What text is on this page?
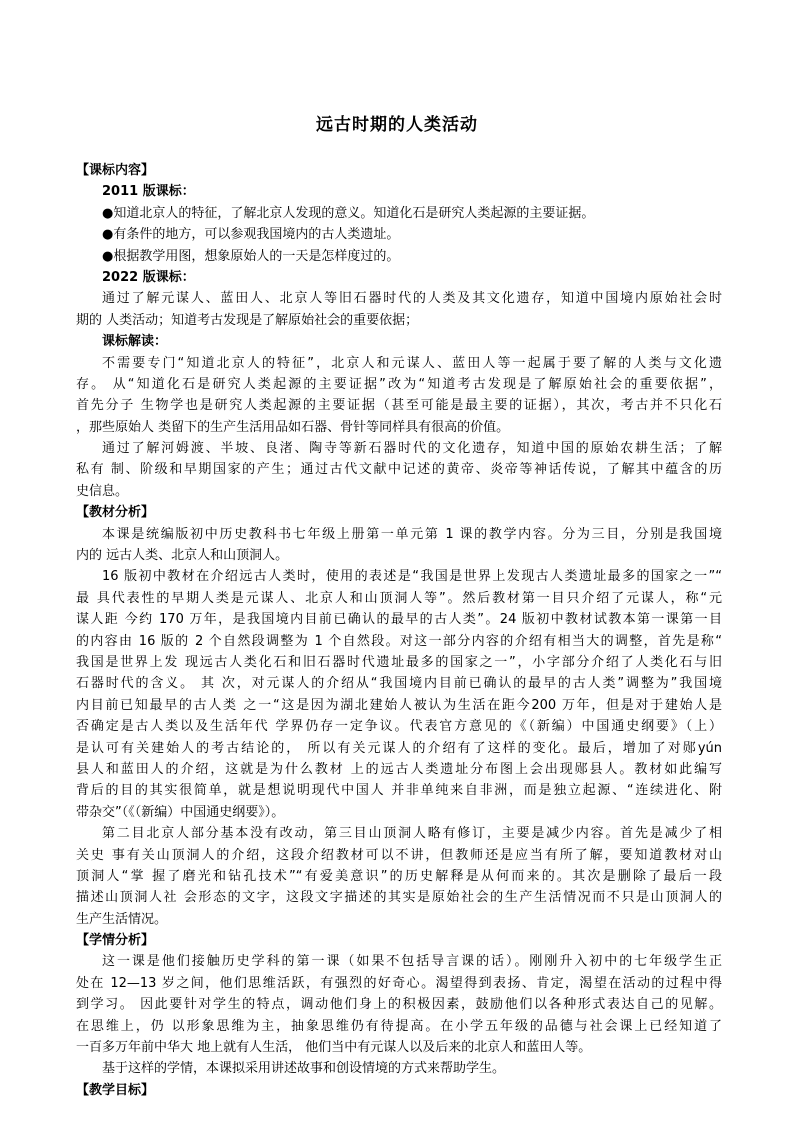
远古时期的人类活动
【课标内容】
2011 版课标：
●知道北京人的特征，了解北京人发现的意义。知道化石是研究人类起源的主要证据。
●有条件的地方，可以参观我国境内的古人类遗址。
●根据教学用图，想象原始人的一天是怎样度过的。
2022 版课标：
通过了解元谋人、蓝田人、北京人等旧石器时代的人类及其文化遗存，知道中国境内原始社会时
期的 人类活动；知道考古发现是了解原始社会的重要依据；
课标解读：
不需要专门“知道北京人的特征”，北京人和元谋人、蓝田人等一起属于要了解的人类与文化遗
存。 从“知道化石是研究人类起源的主要证据”改为“知道考古发现是了解原始社会的重要依据”，
首先分子 生物学也是研究人类起源的主要证据（甚至可能是最主要的证据），其次，考古并不只化石
，那些原始人 类留下的生产生活用品如石器、骨针等同样具有很高的价值。
通过了解河姆渡、半坡、良渚、陶寺等新石器时代的文化遗存，知道中国的原始农耕生活；了解
私有 制、阶级和早期国家的产生；通过古代文献中记述的黄帝、炎帝等神话传说，了解其中蕴含的历
史信息。
【教材分析】
本课是统编版初中历史教科书七年级上册第一单元第 1 课的教学内容。分为三目，分别是我国境
内的 远古人类、北京人和山顶洞人。
16 版初中教材在介绍远古人类时，使用的表述是“我国是世界上发现古人类遗址最多的国家之一”“
最 具代表性的早期人类是元谋人、北京人和山顶洞人等”。然后教材第一目只介绍了元谋人，称“元
谋人距 今约 170 万年，是我国境内目前已确认的最早的古人类”。24 版初中教材试教本第一课第一目
的内容由 16 版的 2 个自然段调整为 1 个自然段。对这一部分内容的介绍有相当大的调整，首先是称“
我国是世界上发 现远古人类化石和旧石器时代遗址最多的国家之一”，小字部分介绍了人类化石与旧
石器时代的含义。 其 次，对元谋人的介绍从“我国境内目前已确认的最早的古人类”调整为”我国境
内目前已知最早的古人类 之一“这是因为湖北建始人被认为生活在距今200 万年，但是对于建始人是
否确定是古人类以及生活年代 学界仍存一定争议。代表官方意见的《（新编）中国通史纲要》（上）
是认可有关建始人的考古结论的， 所以有关元谋人的介绍有了这样的变化。最后，增加了对郧yún
县人和蓝田人的介绍，这就是为什么教材 上的远古人类遗址分布图上会出现郧县人。教材如此编写
背后的目的其实很简单，就是想说明现代中国人 并非单纯来自非洲，而是独立起源、“连续进化、附
带杂交”（《（新编）中国通史纲要》）。
第二目北京人部分基本没有改动，第三目山顶洞人略有修订，主要是减少内容。首先是减少了相
关史 事有关山顶洞人的介绍，这段介绍教材可以不讲，但教师还是应当有所了解，要知道教材对山
顶洞人“掌 握了磨光和钻孔技术”“有爱美意识”的历史解释是从何而来的。其次是删除了最后一段
描述山顶洞人社 会形态的文字，这段文字描述的其实是原始社会的生产生活情况而不只是山顶洞人的
生产生活情况。
【学情分析】
这一课是他们接触历史学科的第一课（如果不包括导言课的话）。刚刚升入初中的七年级学生正
处在 12—13 岁之间，他们思维活跃，有强烈的好奇心。渴望得到表扬、肯定，渴望在活动的过程中得
到学习。 因此要针对学生的特点，调动他们身上的积极因素，鼓励他们以各种形式表达自己的见解。
在思维上，仍 以形象思维为主，抽象思维仍有待提高。在小学五年级的品德与社会课上已经知道了
一百多万年前中华大 地上就有人生活， 他们当中有元谋人以及后来的北京人和蓝田人等。
基于这样的学情，本课拟采用讲述故事和创设情境的方式来帮助学生。
【教学目标】
